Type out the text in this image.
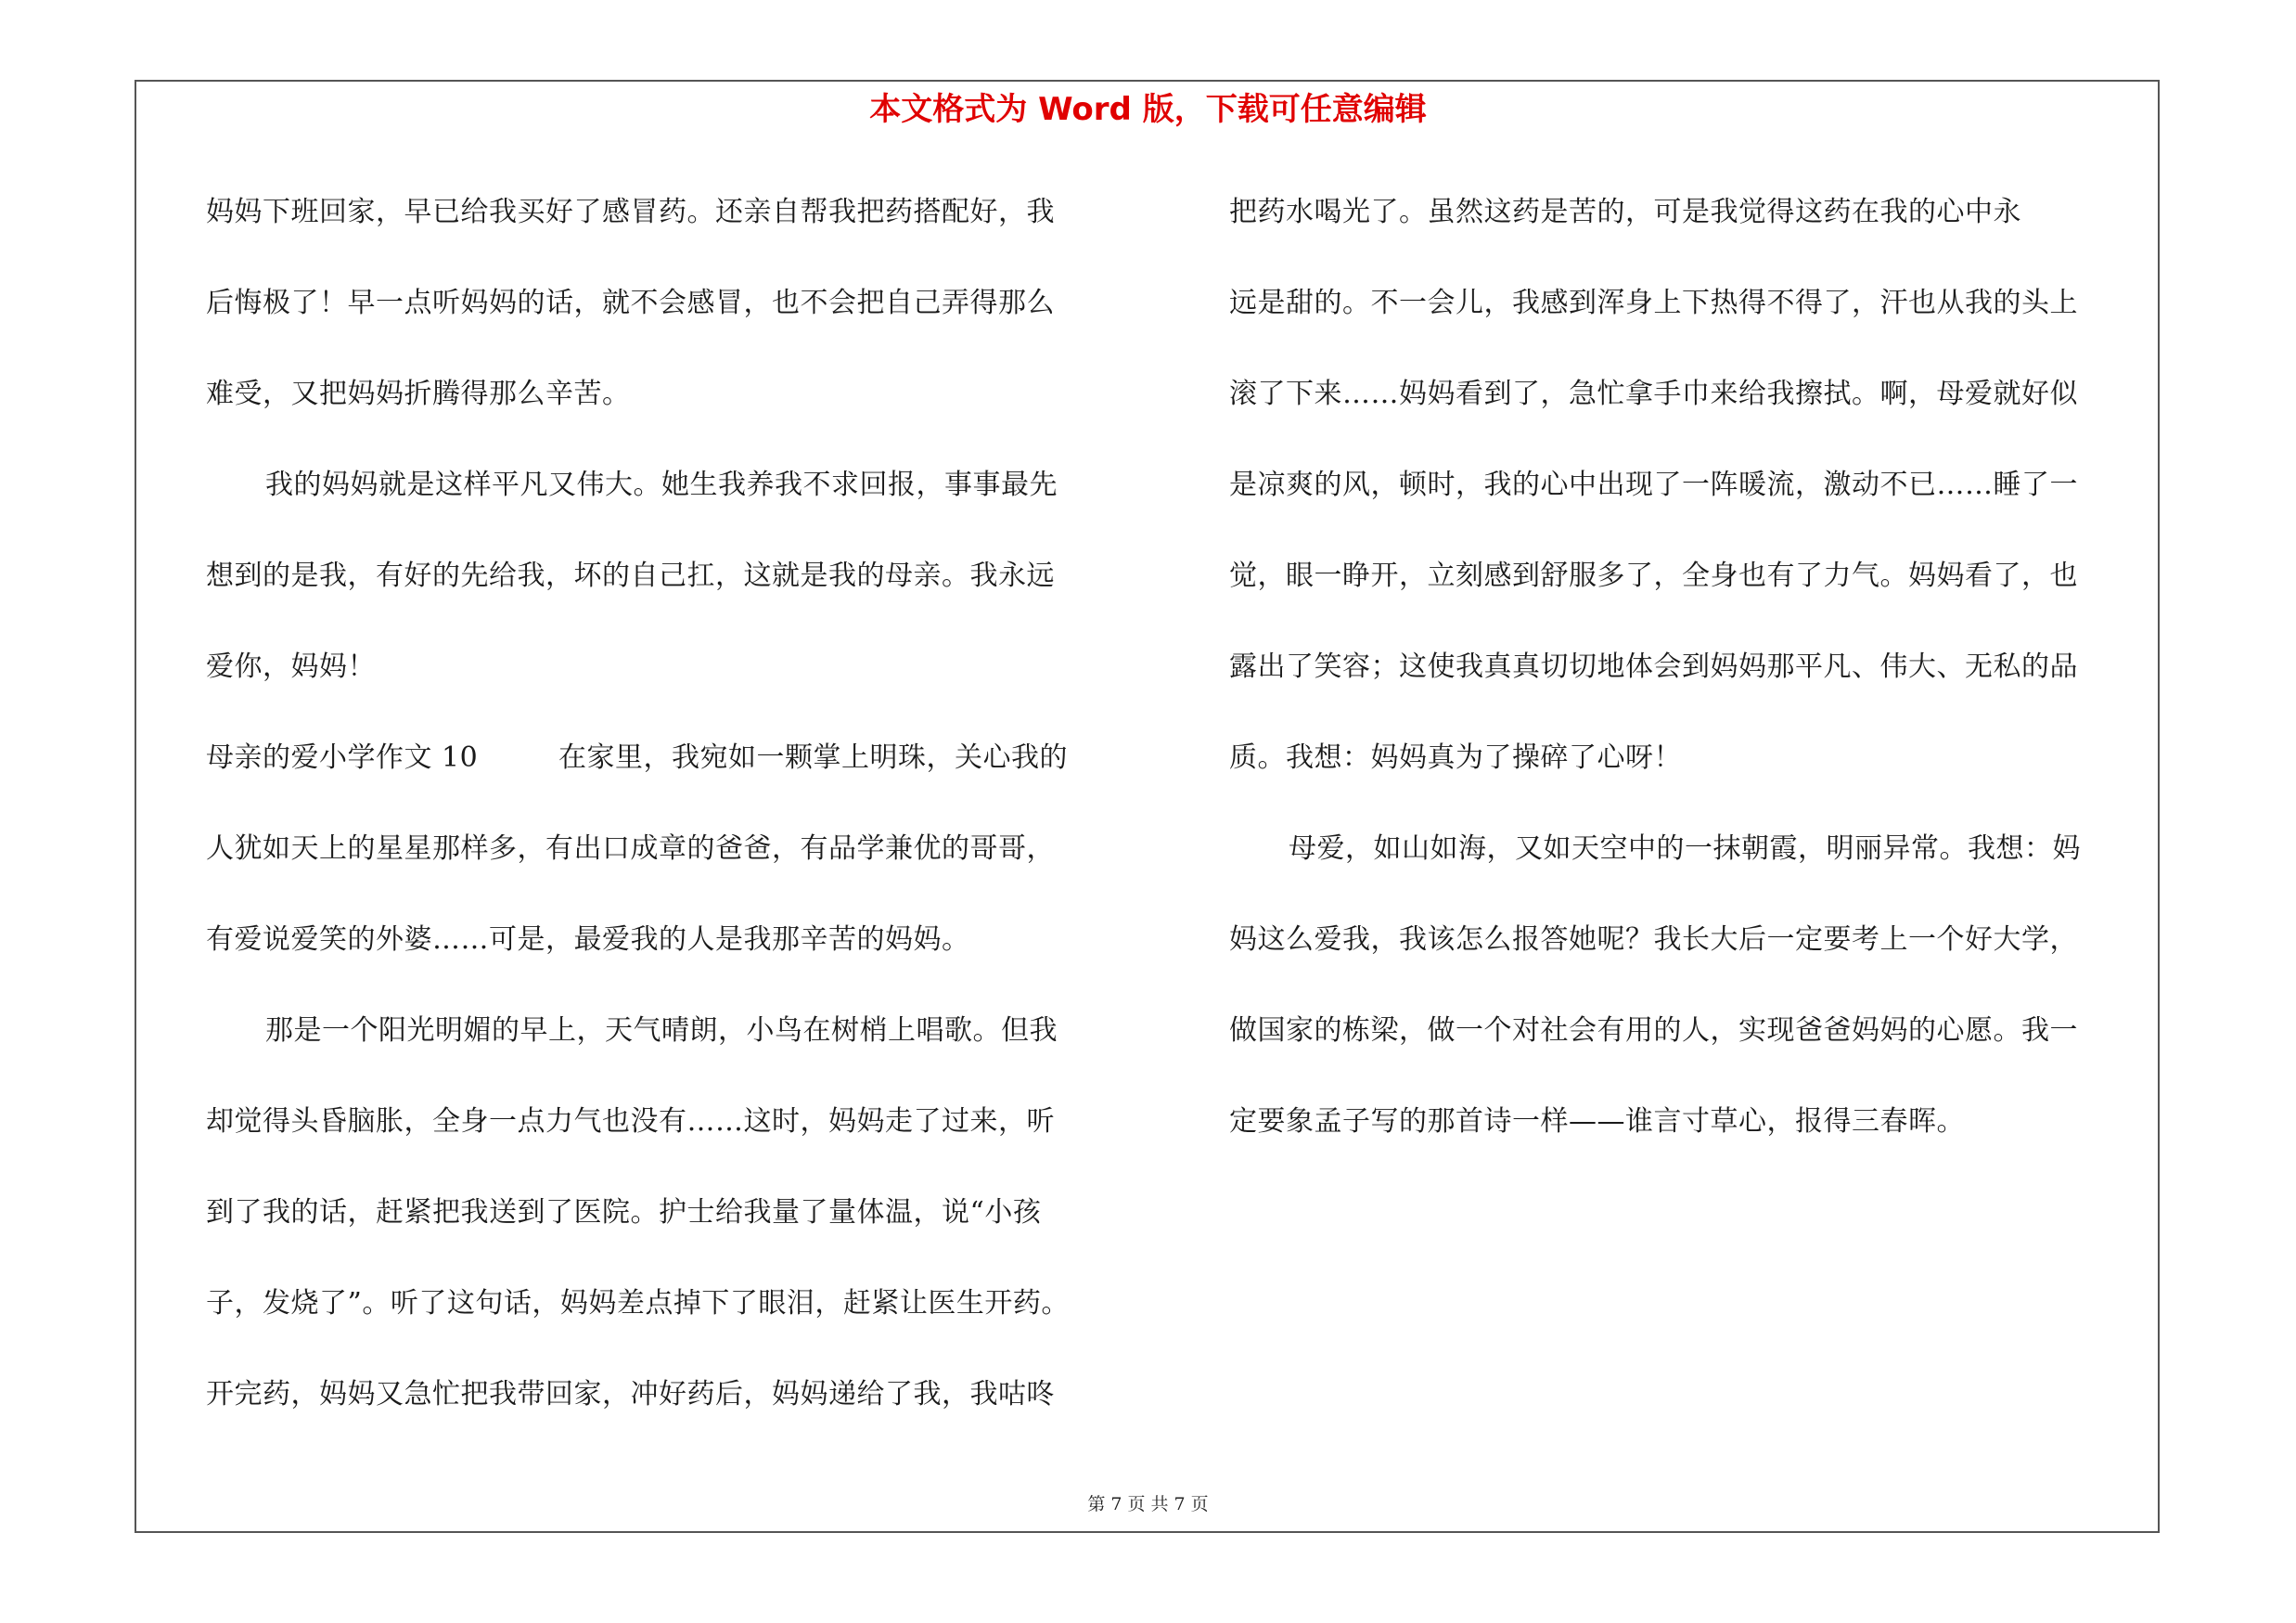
本文格式为 Word 版，下载可任意编辑
妈妈下班回家，早已给我买好了感冒药。还亲自帮我把药搭配好，我
后悔极了！早一点听妈妈的话，就不会感冒，也不会把自己弄得那么
难受，又把妈妈折腾得那么辛苦。
我的妈妈就是这样平凡又伟大。她生我养我不求回报，事事最先
想到的是我，有好的先给我，坏的自己扛，这就是我的母亲。我永远
爱你，妈妈！
母亲的爱小学作文 10	在家里，我宛如一颗掌上明珠，关心我的
人犹如天上的星星那样多，有出口成章的爸爸，有品学兼优的哥哥，
有爱说爱笑的外婆……可是，最爱我的人是我那辛苦的妈妈。
那是一个阳光明媚的早上，天气晴朗，小鸟在树梢上唱歌。但我
却觉得头昏脑胀，全身一点力气也没有……这时，妈妈走了过来，听
到了我的话，赶紧把我送到了医院。护士给我量了量体温，说“小孩
子，发烧了”。听了这句话，妈妈差点掉下了眼泪，赶紧让医生开药。
开完药，妈妈又急忙把我带回家，冲好药后，妈妈递给了我，我咕咚
把药水喝光了。虽然这药是苦的，可是我觉得这药在我的心中永
远是甜的。不一会儿，我感到浑身上下热得不得了，汗也从我的头上
滚了下来……妈妈看到了，急忙拿手巾来给我擦拭。啊，母爱就好似
是凉爽的风，顿时，我的心中出现了一阵暖流，激动不已……睡了一
觉，眼一睁开，立刻感到舒服多了，全身也有了力气。妈妈看了，也
露出了笑容；这使我真真切切地体会到妈妈那平凡、伟大、无私的品
质。我想：妈妈真为了操碎了心呀！
母爱，如山如海，又如天空中的一抹朝霞，明丽异常。我想：妈
妈这么爱我，我该怎么报答她呢？我长大后一定要考上一个好大学，
做国家的栋梁，做一个对社会有用的人，实现爸爸妈妈的心愿。我一
定要象孟子写的那首诗一样——谁言寸草心，报得三春晖。
第 7 页 共 7 页
